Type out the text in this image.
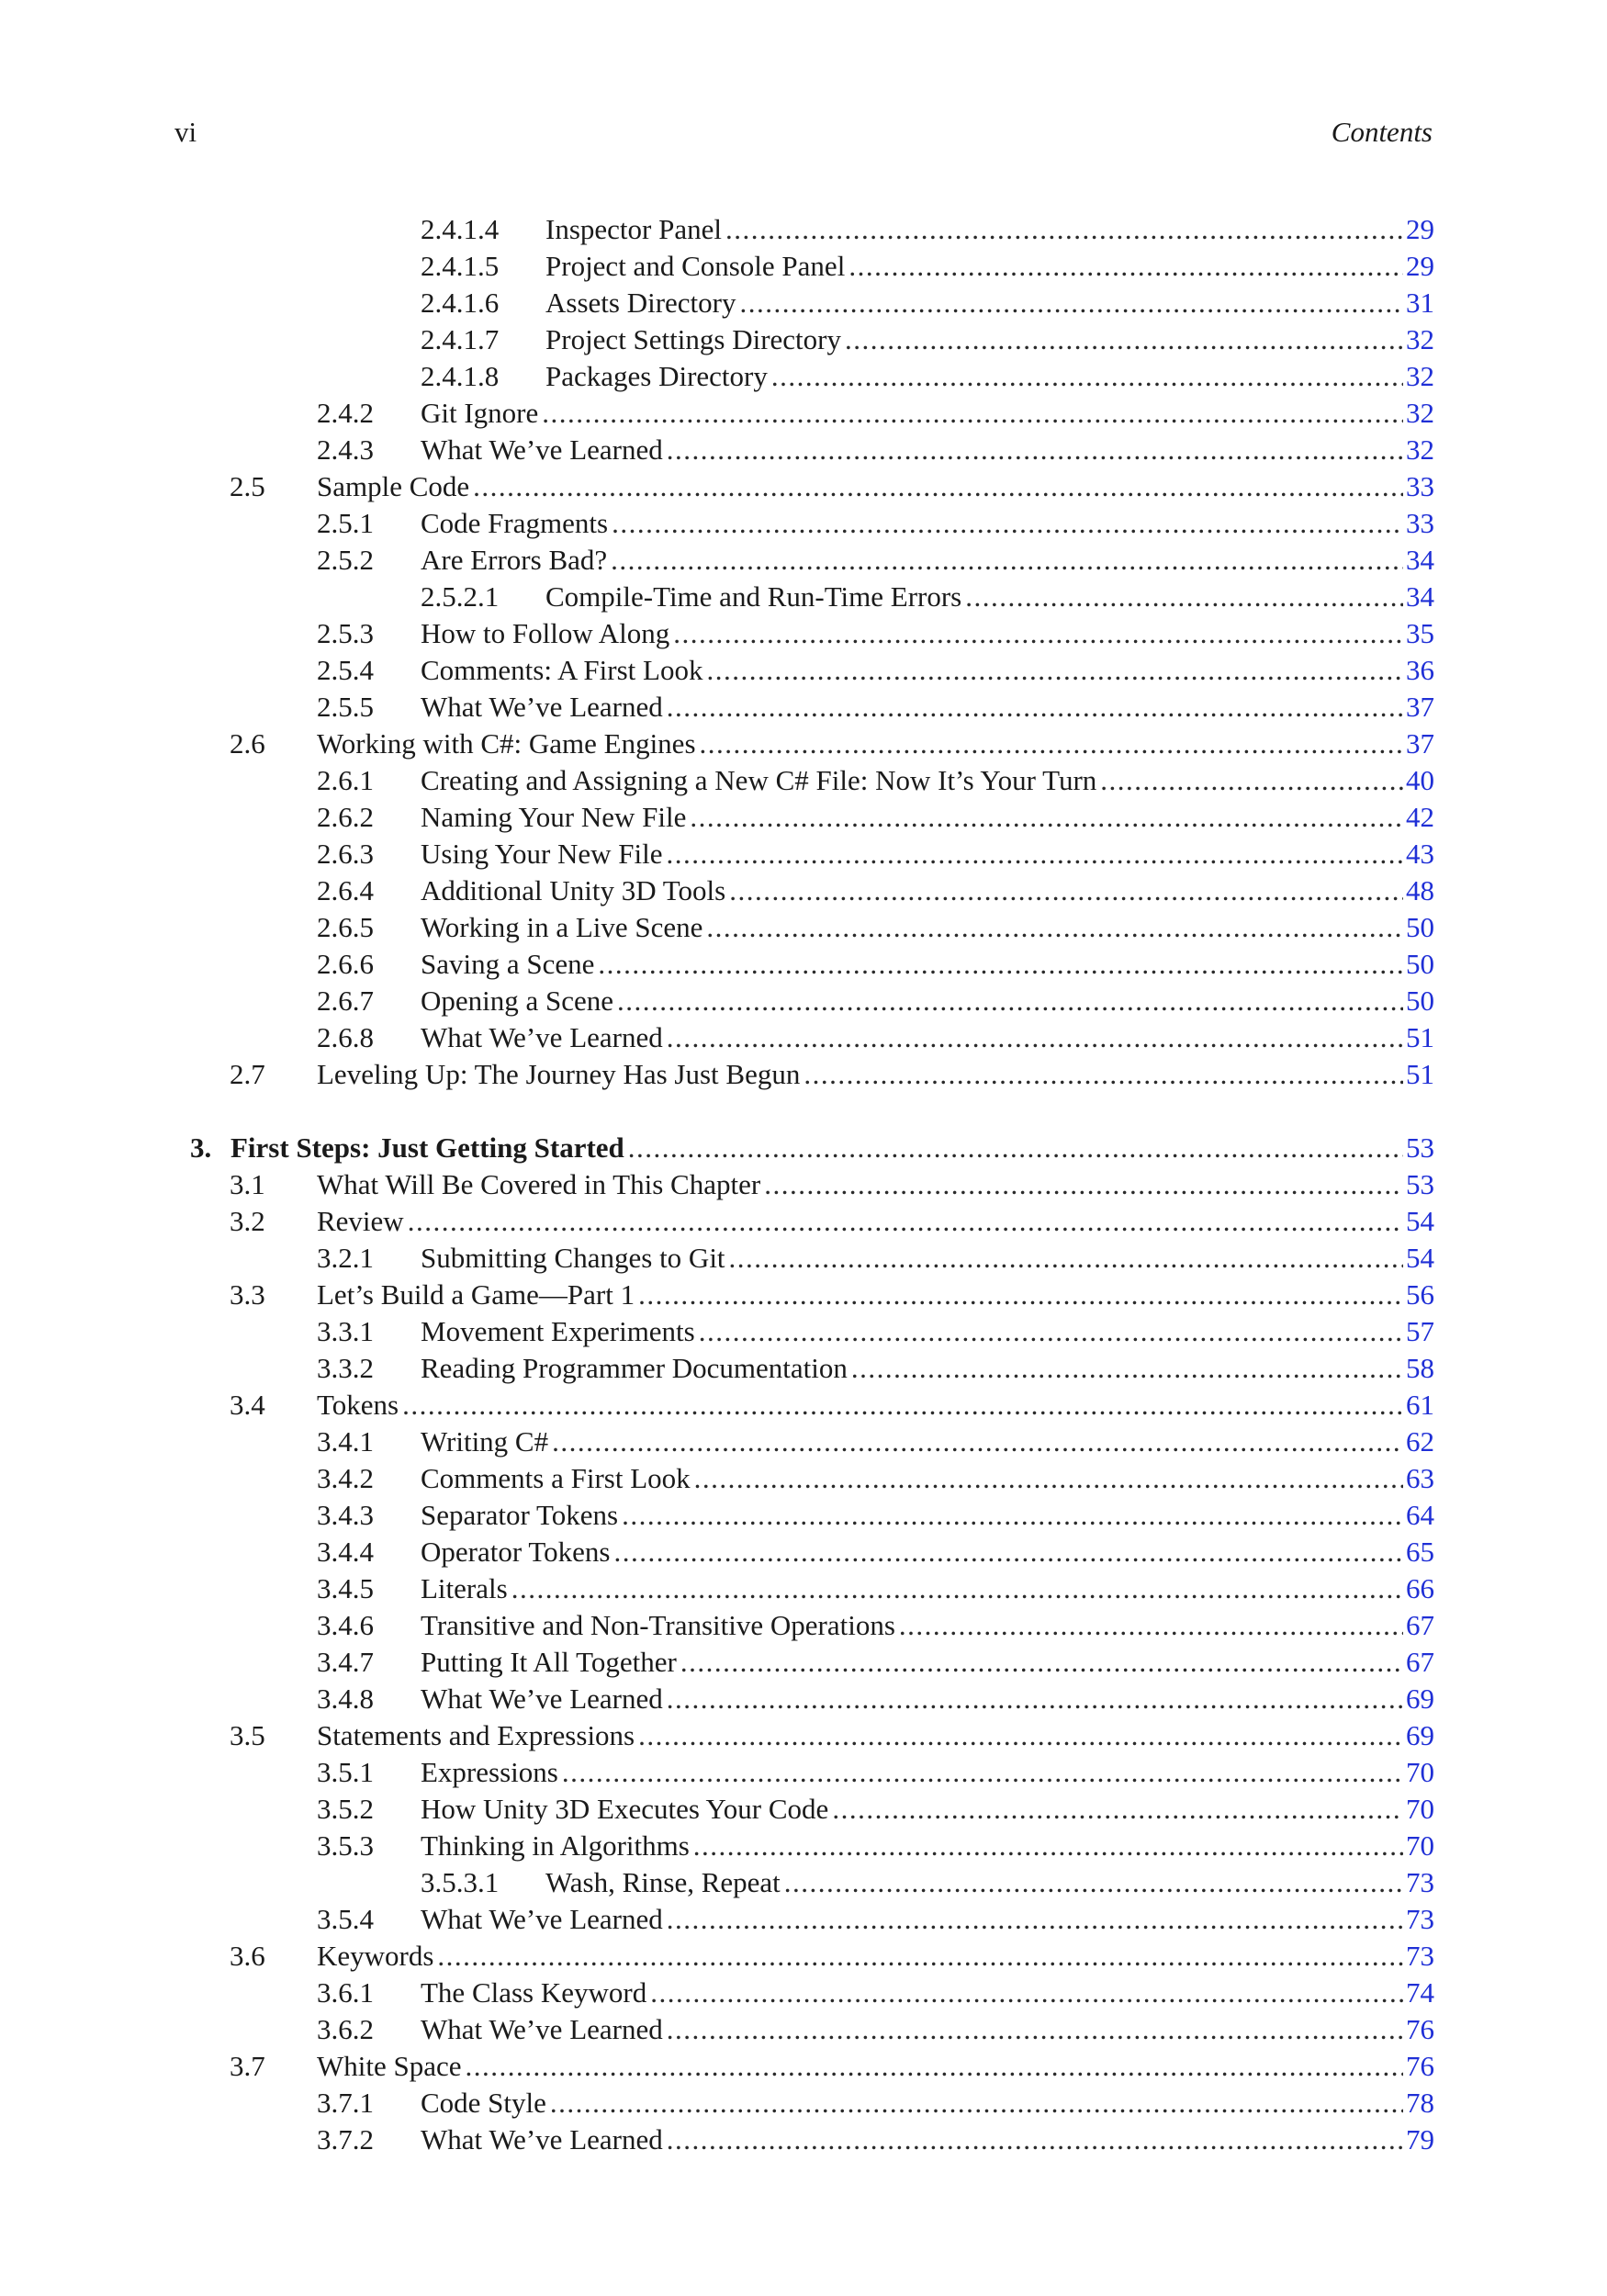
vi	Contents
2.4.1.4 Inspector Panel .....	29
2.4.1.5 Project and Console Panel .....	29
2.4.1.6 Assets Directory .....	31
2.4.1.7 Project Settings Directory .....	32
2.4.1.8 Packages Directory .....	32
2.4.2 Git Ignore .....	32
2.4.3 What We’ve Learned .....	32
2.5 Sample Code .....	33
2.5.1 Code Fragments .....	33
2.5.2 Are Errors Bad? .....	34
2.5.2.1 Compile-Time and Run-Time Errors .....	34
2.5.3 How to Follow Along .....	35
2.5.4 Comments: A First Look .....	36
2.5.5 What We’ve Learned .....	37
2.6 Working with C#: Game Engines .....	37
2.6.1 Creating and Assigning a New C# File: Now It’s Your Turn .....	40
2.6.2 Naming Your New File .....	42
2.6.3 Using Your New File .....	43
2.6.4 Additional Unity 3D Tools .....	48
2.6.5 Working in a Live Scene .....	50
2.6.6 Saving a Scene .....	50
2.6.7 Opening a Scene .....	50
2.6.8 What We’ve Learned .....	51
2.7 Leveling Up: The Journey Has Just Begun .....	51
3. First Steps: Just Getting Started .....	53
3.1 What Will Be Covered in This Chapter .....	53
3.2 Review .....	54
3.2.1 Submitting Changes to Git .....	54
3.3 Let’s Build a Game—Part 1 .....	56
3.3.1 Movement Experiments .....	57
3.3.2 Reading Programmer Documentation .....	58
3.4 Tokens .....	61
3.4.1 Writing C# .....	62
3.4.2 Comments a First Look .....	63
3.4.3 Separator Tokens .....	64
3.4.4 Operator Tokens .....	65
3.4.5 Literals .....	66
3.4.6 Transitive and Non-Transitive Operations .....	67
3.4.7 Putting It All Together .....	67
3.4.8 What We’ve Learned .....	69
3.5 Statements and Expressions .....	69
3.5.1 Expressions .....	70
3.5.2 How Unity 3D Executes Your Code .....	70
3.5.3 Thinking in Algorithms .....	70
3.5.3.1 Wash, Rinse, Repeat .....	73
3.5.4 What We’ve Learned .....	73
3.6 Keywords .....	73
3.6.1 The Class Keyword .....	74
3.6.2 What We’ve Learned .....	76
3.7 White Space .....	76
3.7.1 Code Style .....	78
3.7.2 What We’ve Learned .....	79
